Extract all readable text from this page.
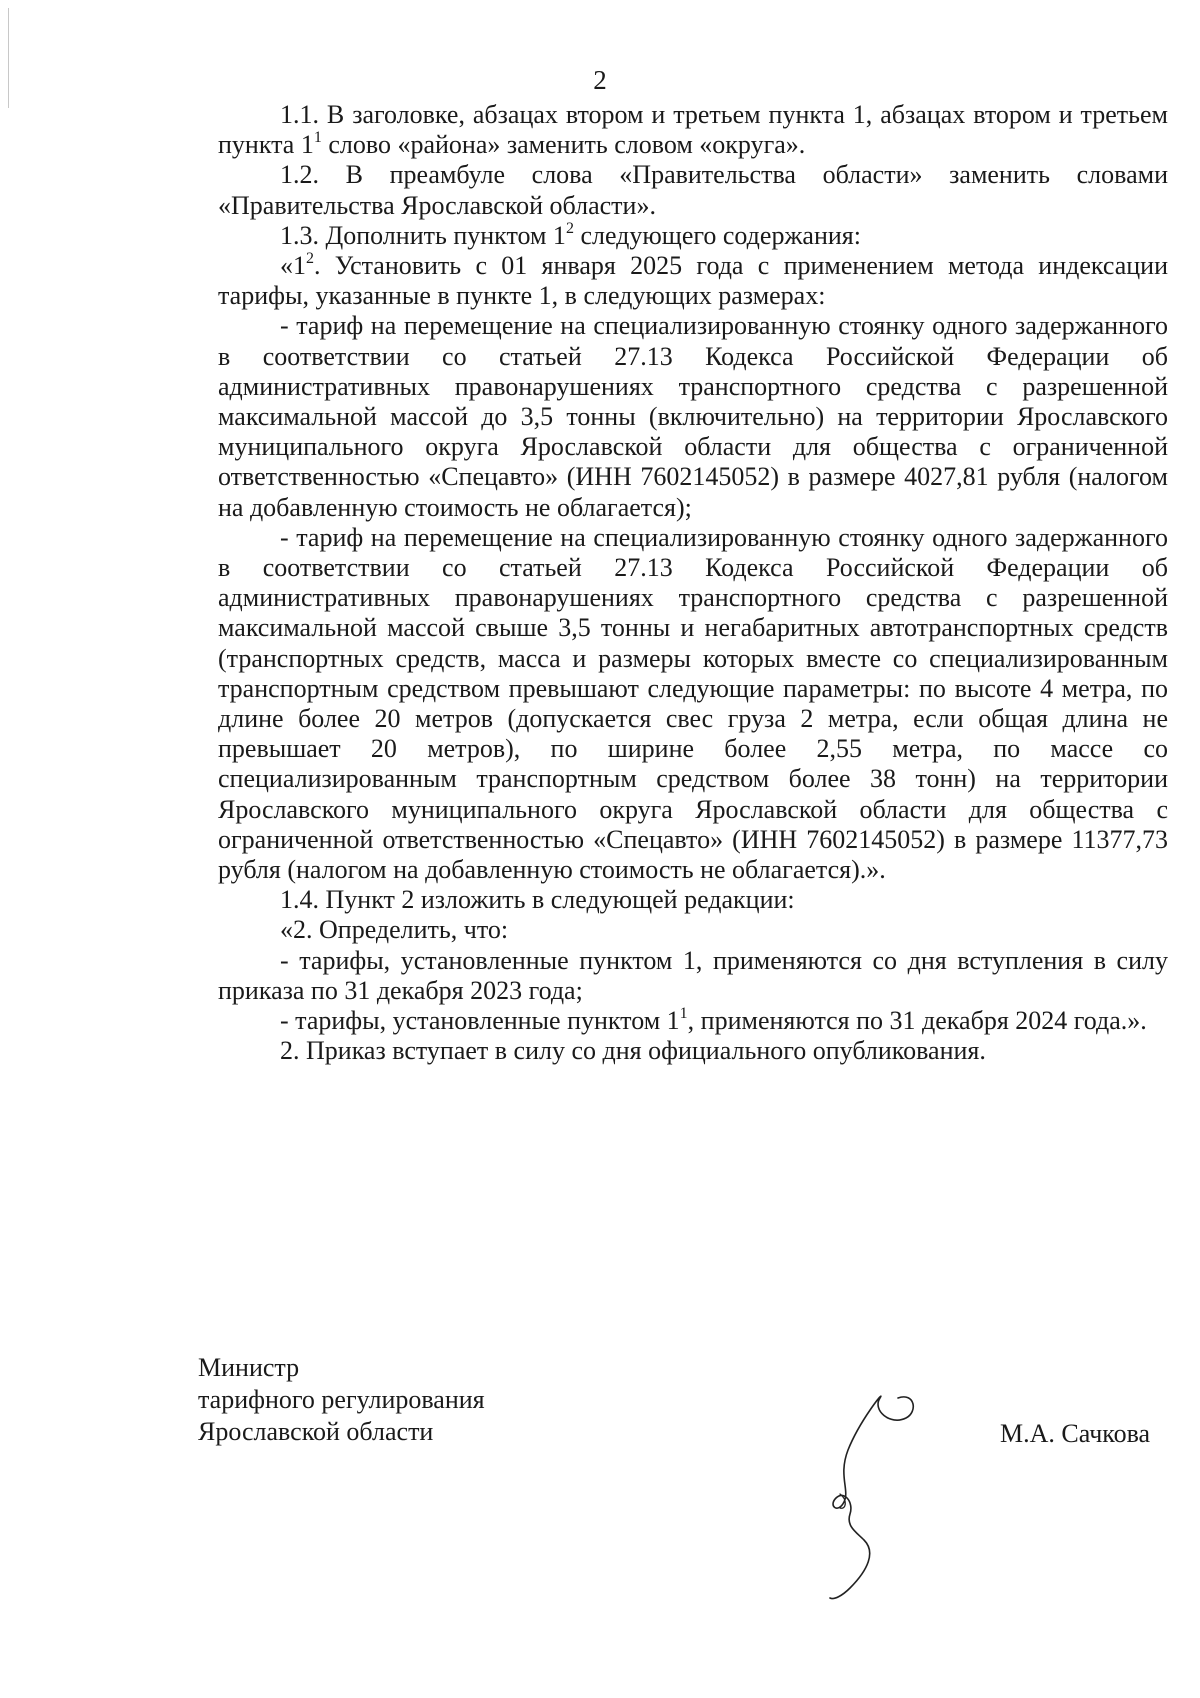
2

1.1. В заголовке, абзацах втором и третьем пункта 1, абзацах втором и третьем пункта $1^1$ слово «района» заменить словом «округа».

1.2. В преамбуле слова «Правительства области» заменить словами «Правительства Ярославской области».

1.3. Дополнить пунктом $1^2$ следующего содержания:

«$1^2$. Установить с 01 января 2025 года с применением метода индексации тарифы, указанные в пункте 1, в следующих размерах:

- тариф на перемещение на специализированную стоянку одного задержанного в соответствии со статьей 27.13 Кодекса Российской Федерации об административных правонарушениях транспортного средства с разрешенной максимальной массой до 3,5 тонны (включительно) на территории Ярославского муниципального округа Ярославской области для общества с ограниченной ответственностью «Спецавто» (ИНН 7602145052) в размере 4027,81 рубля (налогом на добавленную стоимость не облагается);

- тариф на перемещение на специализированную стоянку одного задержанного в соответствии со статьей 27.13 Кодекса Российской Федерации об административных правонарушениях транспортного средства с разрешенной максимальной массой свыше 3,5 тонны и негабаритных автотранспортных средств (транспортных средств, масса и размеры которых вместе со специализированным транспортным средством превышают следующие параметры: по высоте 4 метра, по длине более 20 метров (допускается свес груза 2 метра, если общая длина не превышает 20 метров), по ширине более 2,55 метра, по массе со специализированным транспортным средством более 38 тонн) на территории Ярославского муниципального округа Ярославской области для общества с ограниченной ответственностью «Спецавто» (ИНН 7602145052) в размере 11377,73 рубля (налогом на добавленную стоимость не облагается).».

1.4. Пункт 2 изложить в следующей редакции:

«2. Определить, что:

- тарифы, установленные пунктом 1, применяются со дня вступления в силу приказа по 31 декабря 2023 года;

- тарифы, установленные пунктом $1^1$, применяются по 31 декабря 2024 года.».

2. Приказ вступает в силу со дня официального опубликования.

Министр
тарифного регулирования
Ярославской области	М.А. Сачкова
